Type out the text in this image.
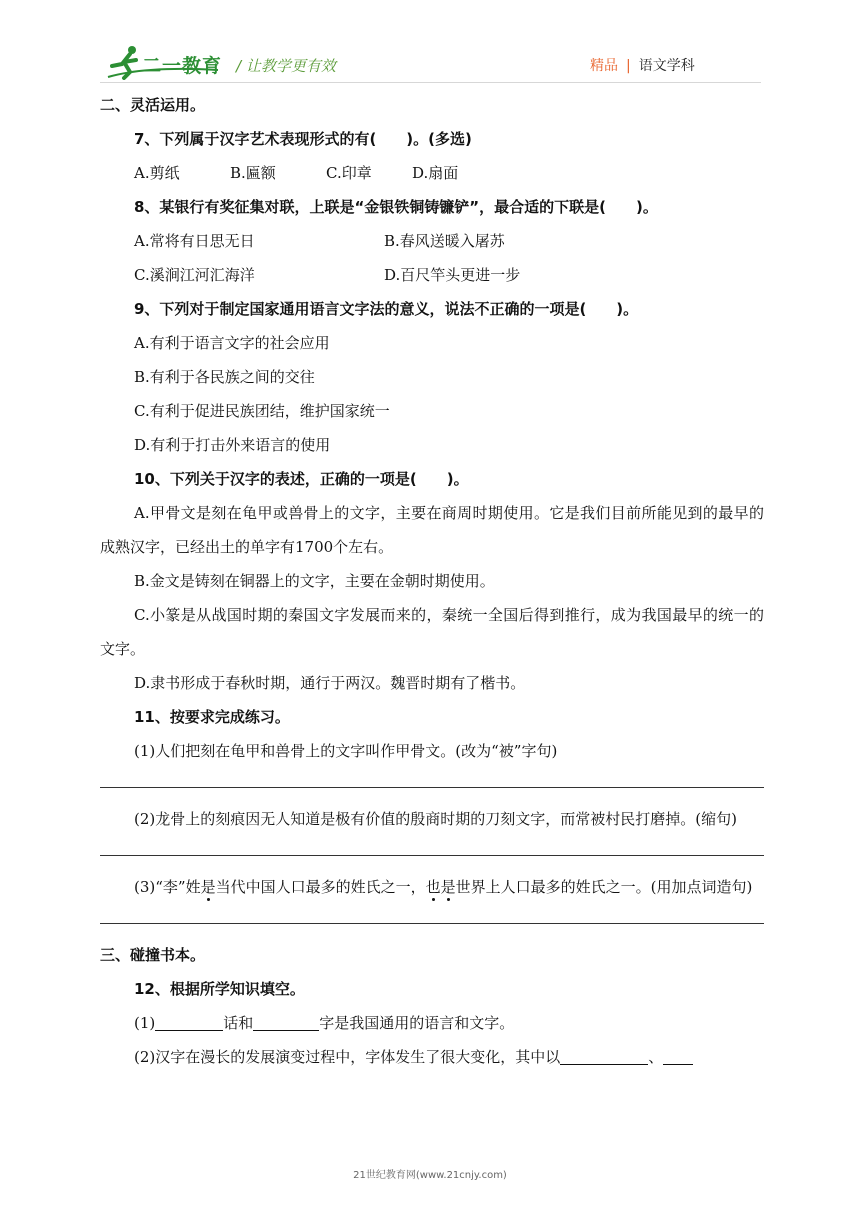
二一教育 / 让教学更有效	精品 | 语文学科
二、灵活运用。
7、下列属于汉字艺术表现形式的有(　　)。(多选)
A.剪纸	B.匾额	C.印章	D.扇面
8、某银行有奖征集对联，上联是“金银铁铜铸镰铲”，最合适的下联是(　　)。
A.常将有日思无日	B.春风送暖入屠苏
C.溪涧江河汇海洋	D.百尺竿头更进一步
9、下列对于制定国家通用语言文字法的意义，说法不正确的一项是(　　)。
A.有利于语言文字的社会应用
B.有利于各民族之间的交往
C.有利于促进民族团结，维护国家统一
D.有利于打击外来语言的使用
10、下列关于汉字的表述，正确的一项是(　　)。
A.甲骨文是刻在龟甲或兽骨上的文字，主要在商周时期使用。它是我们目前所能见到的最早的成熟汉字，已经出土的单字有1700个左右。
B.金文是铸刻在铜器上的文字，主要在金朝时期使用。
C.小篆是从战国时期的秦国文字发展而来的，秦统一全国后得到推行，成为我国最早的统一的文字。
D.隶书形成于春秋时期，通行于两汉。魏晋时期有了楷书。
11、按要求完成练习。
(1)人们把刻在龟甲和兽骨上的文字叫作甲骨文。(改为“被”字句)
(2)龙骨上的刻痕因无人知道是极有价值的殷商时期的刀刻文字，而常被村民打磨掉。(缩句)
(3)“李”姓是当代中国人口最多的姓氏之一，也是世界上人口最多的姓氏之一。(用加点词造句)
三、碰撞书本。
12、根据所学知识填空。
(1)	话和	字是我国通用的语言和文字。
(2)汉字在漫长的发展演变过程中，字体发生了很大变化，其中以	、
21世纪教育网(www.21cnjy.com)
